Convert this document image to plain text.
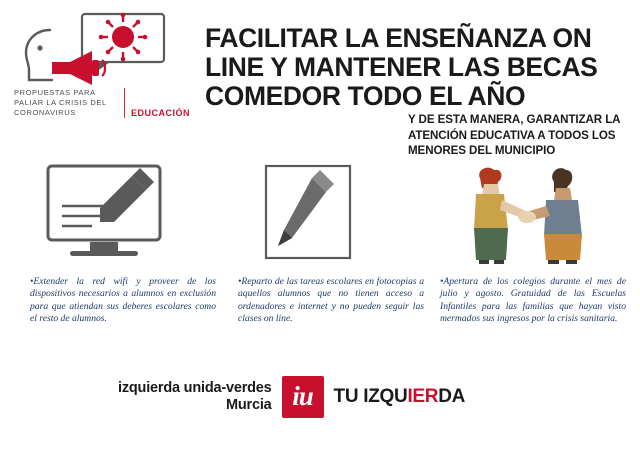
PROPUESTAS PARA PALIAR LA CRISIS DEL CORONAVIRUS	EDUCACIÓN
FACILITAR LA ENSEÑANZA ON LINE Y MANTENER LAS BECAS COMEDOR TODO EL AÑO
Y DE ESTA MANERA, GARANTIZAR LA ATENCIÓN EDUCATIVA A TODOS LOS MENORES DEL MUNICIPIO
•Extender la red wifi y proveer de los dispositivos necesarios a alumnos en exclusión para que atiendan sus deberes escolares como el resto de alumnos.
•Reparto de las tareas escolares en fotocopias a aquellos alumnos que no tienen acceso a ordenadores e internet y no pueden seguir las clases on line.
•Apertura de los colegios durante el mes de julio y agosto. Gratuidad de las Escuelas Infantiles para las familias que hayan visto mermados sus ingresos por la crisis sanitaria.
izquierda unida-verdes
Murcia iu	TU IZQUIERDA
